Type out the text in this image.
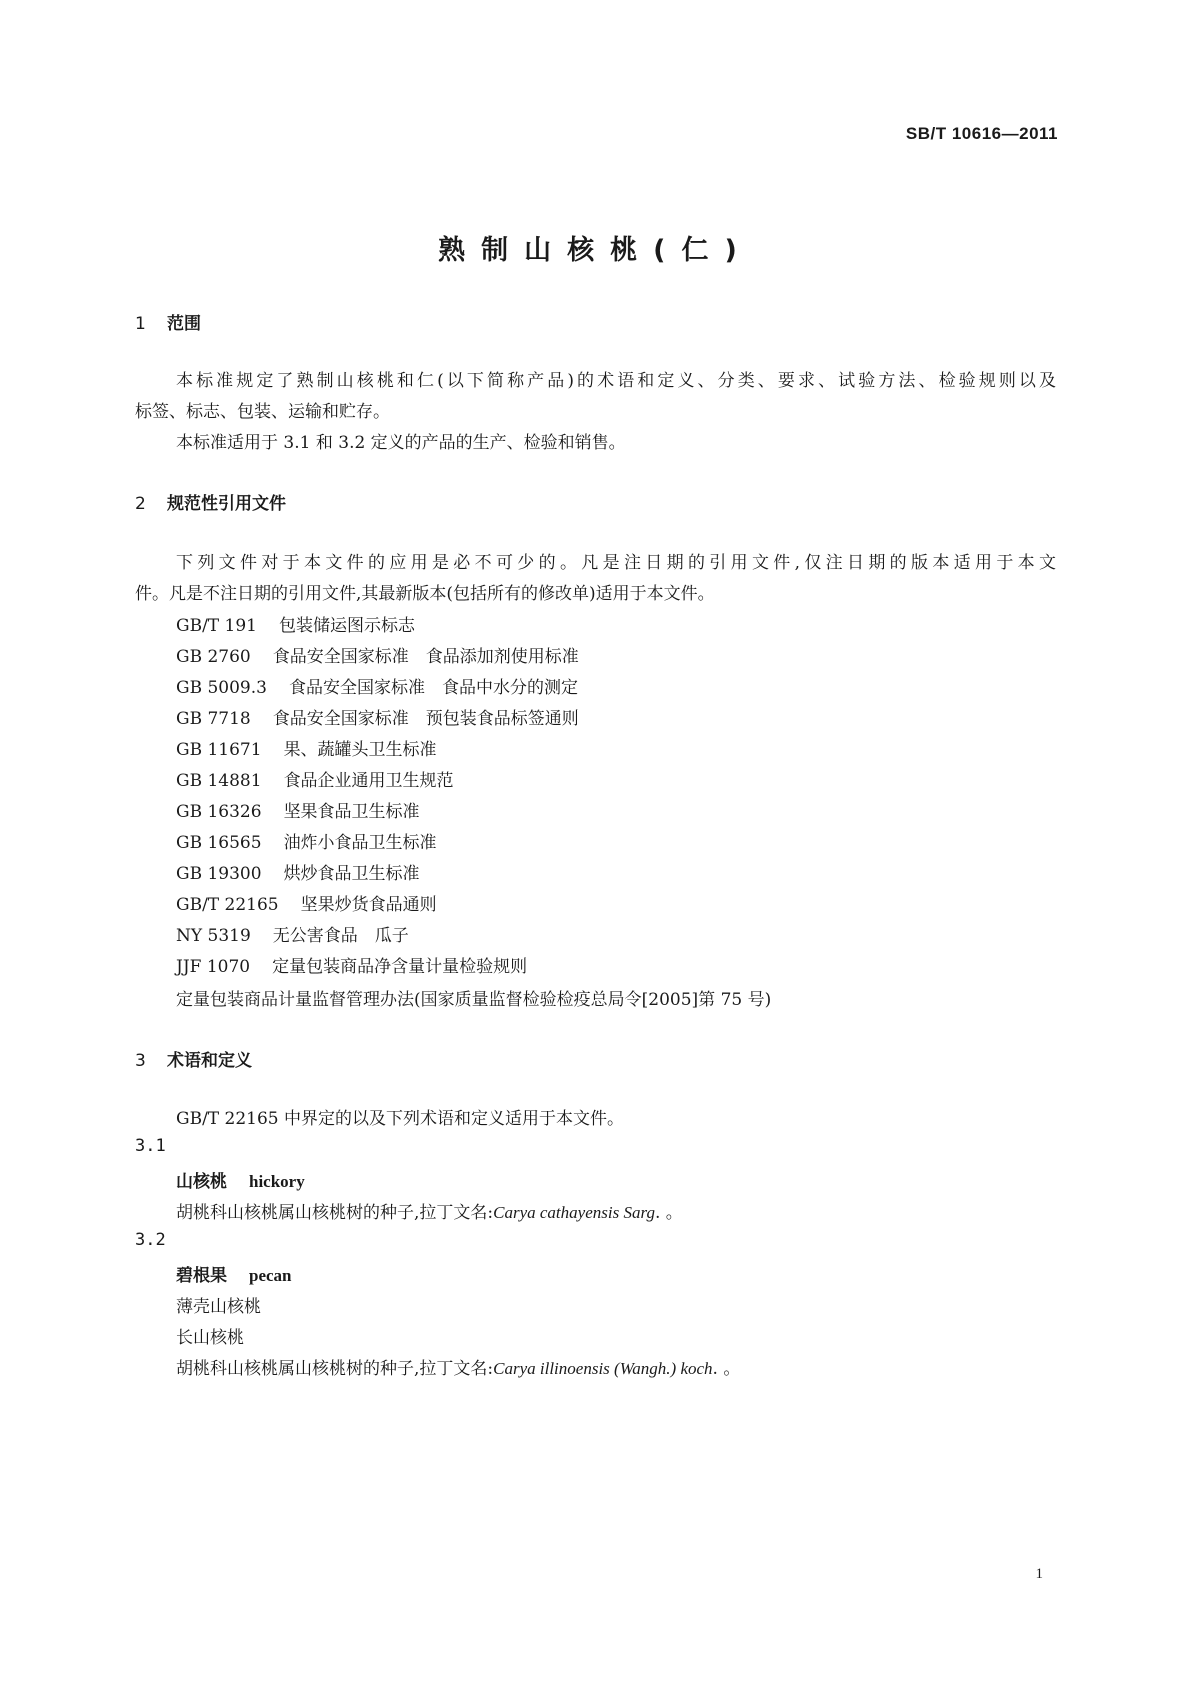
SB/T 10616—2011
熟制山核桃(仁)
1 范围
本标准规定了熟制山核桃和仁(以下简称产品)的术语和定义、分类、要求、试验方法、检验规则以及
标签、标志、包装、运输和贮存。
本标准适用于 3.1 和 3.2 定义的产品的生产、检验和销售。
2 规范性引用文件
下列文件对于本文件的应用是必不可少的。凡是注日期的引用文件,仅注日期的版本适用于本文
件。凡是不注日期的引用文件,其最新版本(包括所有的修改单)适用于本文件。
GB/T 191 包装储运图示标志
GB 2760 食品安全国家标准　食品添加剂使用标准
GB 5009.3 食品安全国家标准　食品中水分的测定
GB 7718 食品安全国家标准　预包装食品标签通则
GB 11671 果、蔬罐头卫生标准
GB 14881 食品企业通用卫生规范
GB 16326 坚果食品卫生标准
GB 16565 油炸小食品卫生标准
GB 19300 烘炒食品卫生标准
GB/T 22165 坚果炒货食品通则
NY 5319 无公害食品　瓜子
JJF 1070 定量包装商品净含量计量检验规则
定量包装商品计量监督管理办法(国家质量监督检验检疫总局令[2005]第 75 号)
3 术语和定义
GB/T 22165 中界定的以及下列术语和定义适用于本文件。
3.1
山核桃 hickory
胡桃科山核桃属山核桃树的种子,拉丁文名:Carya cathayensis Sarg. 。
3.2
碧根果 pecan
薄壳山核桃
长山核桃
胡桃科山核桃属山核桃树的种子,拉丁文名:Carya illinoensis (Wangh.) koch. 。
1
